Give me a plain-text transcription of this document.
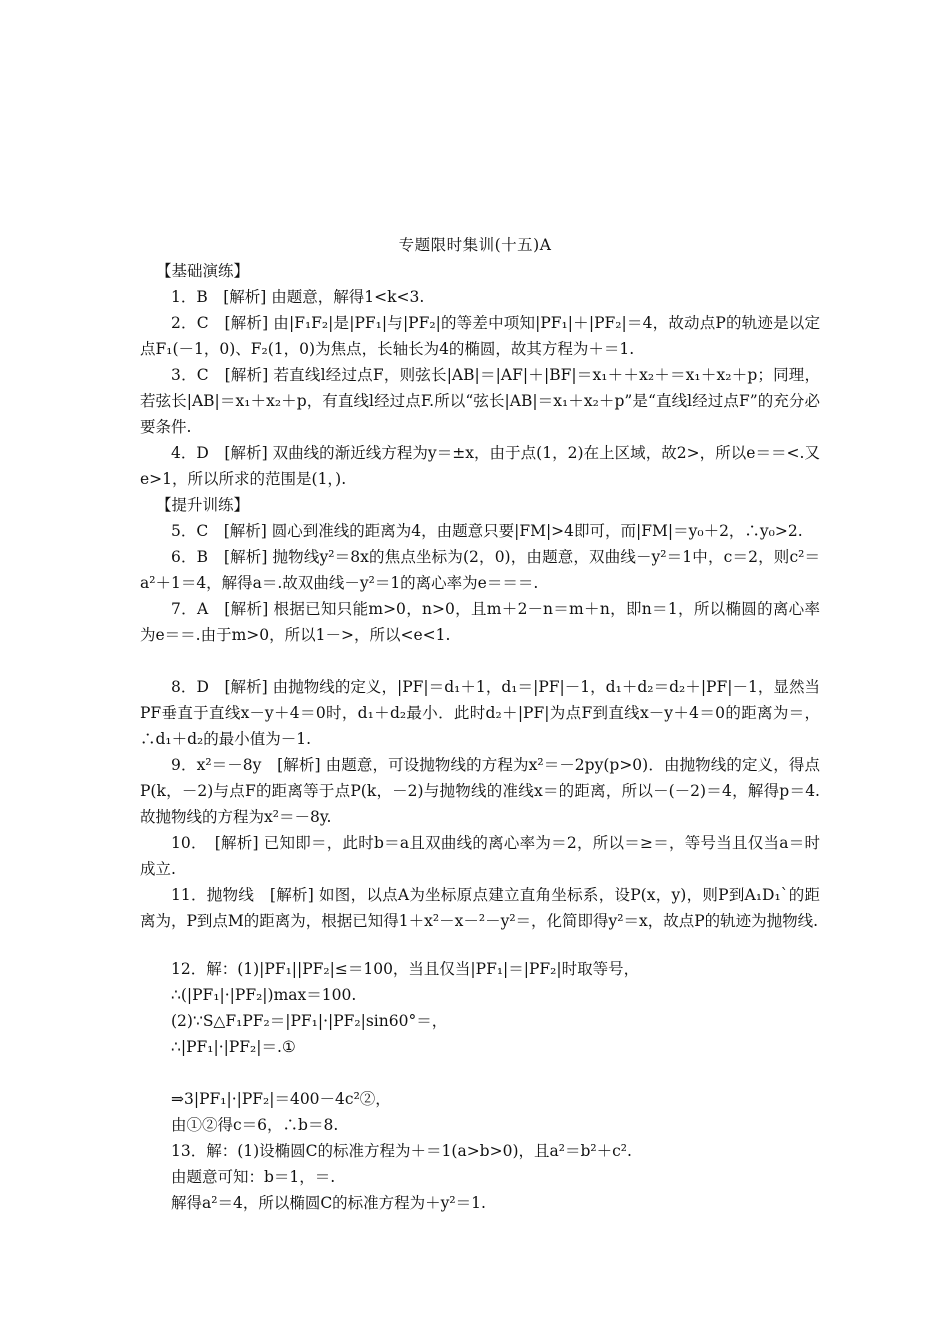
专题限时集训(十五)A

【基础演练】

1．B　[解析] 由题意，解得1<k<3.

2．C　[解析] 由|F₁F₂|是|PF₁|与|PF₂|的等差中项知|PF₁|＋|PF₂|＝4，故动点P的轨迹是以定点F₁(－1，0)、F₂(1，0)为焦点，长轴长为4的椭圆，故其方程为＋＝1.

3．C　[解析] 若直线l经过点F，则弦长|AB|＝|AF|＋|BF|＝x₁＋＋x₂＋＝x₁＋x₂＋p；同理，若弦长|AB|＝x₁＋x₂＋p，有直线l经过点F.所以“弦长|AB|＝x₁＋x₂＋p”是“直线l经过点F”的充分必要条件.

4．D　[解析] 双曲线的渐近线方程为y＝±x，由于点(1，2)在上区域，故2>，所以e＝＝<.又e>1，所以所求的范围是(1，).

【提升训练】

5．C　[解析] 圆心到准线的距离为4，由题意只要|FM|>4即可，而|FM|＝y₀＋2，∴y₀>2.

6．B　[解析] 抛物线y²＝8x的焦点坐标为(2，0)，由题意，双曲线－y²＝1中，c＝2，则c²＝a²＋1＝4，解得a＝.故双曲线－y²＝1的离心率为e＝＝＝.

7．A　[解析] 根据已知只能m>0，n>0，且m＋2－n＝m＋n，即n＝1，所以椭圆的离心率为e＝＝.由于m>0，所以1－>，所以<e<1.

8．D　[解析] 由抛物线的定义，|PF|＝d₁＋1，d₁＝|PF|－1，d₁＋d₂＝d₂＋|PF|－1，显然当PF垂直于直线x－y＋4＝0时，d₁＋d₂最小．此时d₂＋|PF|为点F到直线x－y＋4＝0的距离为＝，∴d₁＋d₂的最小值为－1.

9．x²＝－8y　[解析] 由题意，可设抛物线的方程为x²＝－2py(p>0)．由抛物线的定义，得点P(k，－2)与点F的距离等于点P(k，－2)与抛物线的准线x＝的距离，所以－(－2)＝4，解得p＝4.故抛物线的方程为x²＝－8y.

10．　[解析] 已知即＝，此时b＝a且双曲线的离心率为＝2，所以＝≥＝，等号当且仅当a＝时成立.

11．抛物线　[解析] 如图，以点A为坐标原点建立直角坐标系，设P(x，y)，则P到A₁D₁`的距离为，P到点M的距离为，根据已知得1＋x²－x－²－y²＝，化简即得y²＝x，故点P的轨迹为抛物线.

12．解：(1)|PF₁||PF₂|≤＝100，当且仅当|PF₁|＝|PF₂|时取等号，

∴(|PF₁|·|PF₂|)max＝100.

(2)∵S△F₁PF₂＝|PF₁|·|PF₂|sin60°＝，

∴|PF₁|·|PF₂|＝.①

⇒3|PF₁|·|PF₂|＝400－4c²②，

由①②得c＝6，∴b＝8.

13．解：(1)设椭圆C的标准方程为＋＝1(a>b>0)，且a²＝b²＋c².

由题意可知：b＝1，＝.

解得a²＝4，所以椭圆C的标准方程为＋y²＝1.
